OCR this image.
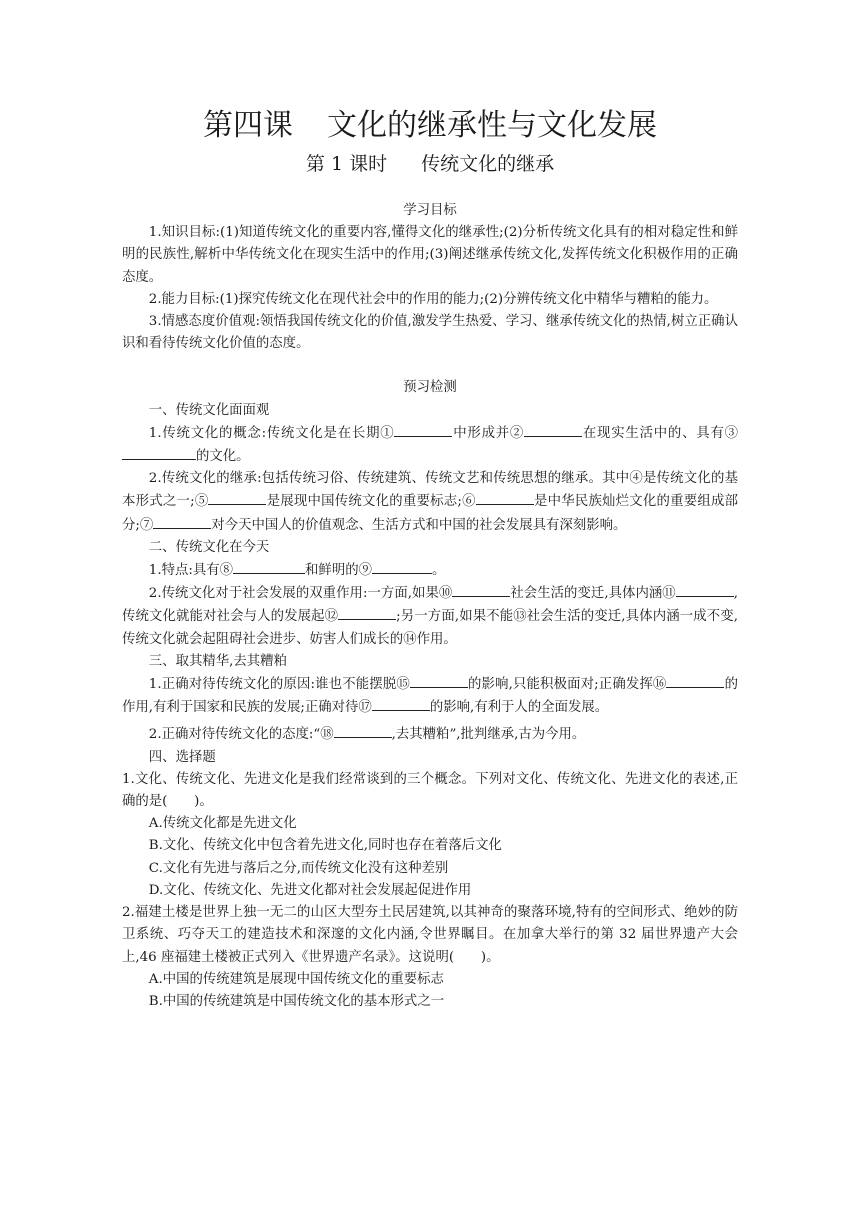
第四课 文化的继承性与文化发展
第 1 课时 传统文化的继承

学习目标

1.知识目标:(1)知道传统文化的重要内容,懂得文化的继承性;(2)分析传统文化具有的相对稳定性和鲜明的民族性,解析中华传统文化在现实生活中的作用;(3)阐述继承传统文化,发挥传统文化积极作用的正确态度。

2.能力目标:(1)探究传统文化在现代社会中的作用的能力;(2)分辨传统文化中精华与糟粕的能力。

3.情感态度价值观:领悟我国传统文化的价值,激发学生热爱、学习、继承传统文化的热情,树立正确认识和看待传统文化价值的态度。

预习检测

一、传统文化面面观

1.传统文化的概念:传统文化是在长期①	中形成并②	在现实生活中的、具有③的文化。

2.传统文化的继承:包括传统习俗、传统建筑、传统文艺和传统思想的继承。其中④是传统文化的基本形式之一;⑤	是展现中国传统文化的重要标志;⑥	是中华民族灿烂文化的重要组成部分;⑦	对今天中国人的价值观念、生活方式和中国的社会发展具有深刻影响。

二、传统文化在今天

1.特点:具有⑧	和鲜明的⑨	。

2.传统文化对于社会发展的双重作用:一方面,如果⑩	社会生活的变迁,具体内涵⑪	,传统文化就能对社会与人的发展起⑫	;另一方面,如果不能⑬社会生活的变迁,具体内涵一成不变,传统文化就会起阻碍社会进步、妨害人们成长的⑭作用。

三、取其精华,去其糟粕

1.正确对待传统文化的原因:谁也不能摆脱⑮	的影响,只能积极面对;正确发挥⑯	的作用,有利于国家和民族的发展;正确对待⑰	的影响,有利于人的全面发展。

2.正确对待传统文化的态度:“⑱	,去其糟粕”,批判继承,古为今用。

四、选择题

1.文化、传统文化、先进文化是我们经常谈到的三个概念。下列对文化、传统文化、先进文化的表述,正确的是(　　)。

A.传统文化都是先进文化

B.文化、传统文化中包含着先进文化,同时也存在着落后文化

C.文化有先进与落后之分,而传统文化没有这种差别

D.文化、传统文化、先进文化都对社会发展起促进作用

2.福建土楼是世界上独一无二的山区大型夯土民居建筑,以其神奇的聚落环境,特有的空间形式、绝妙的防卫系统、巧夺天工的建造技术和深邃的文化内涵,令世界瞩目。在加拿大举行的第 32 届世界遗产大会上,46 座福建土楼被正式列入《世界遗产名录》。这说明(　　)。

A.中国的传统建筑是展现中国传统文化的重要标志

B.中国的传统建筑是中国传统文化的基本形式之一
